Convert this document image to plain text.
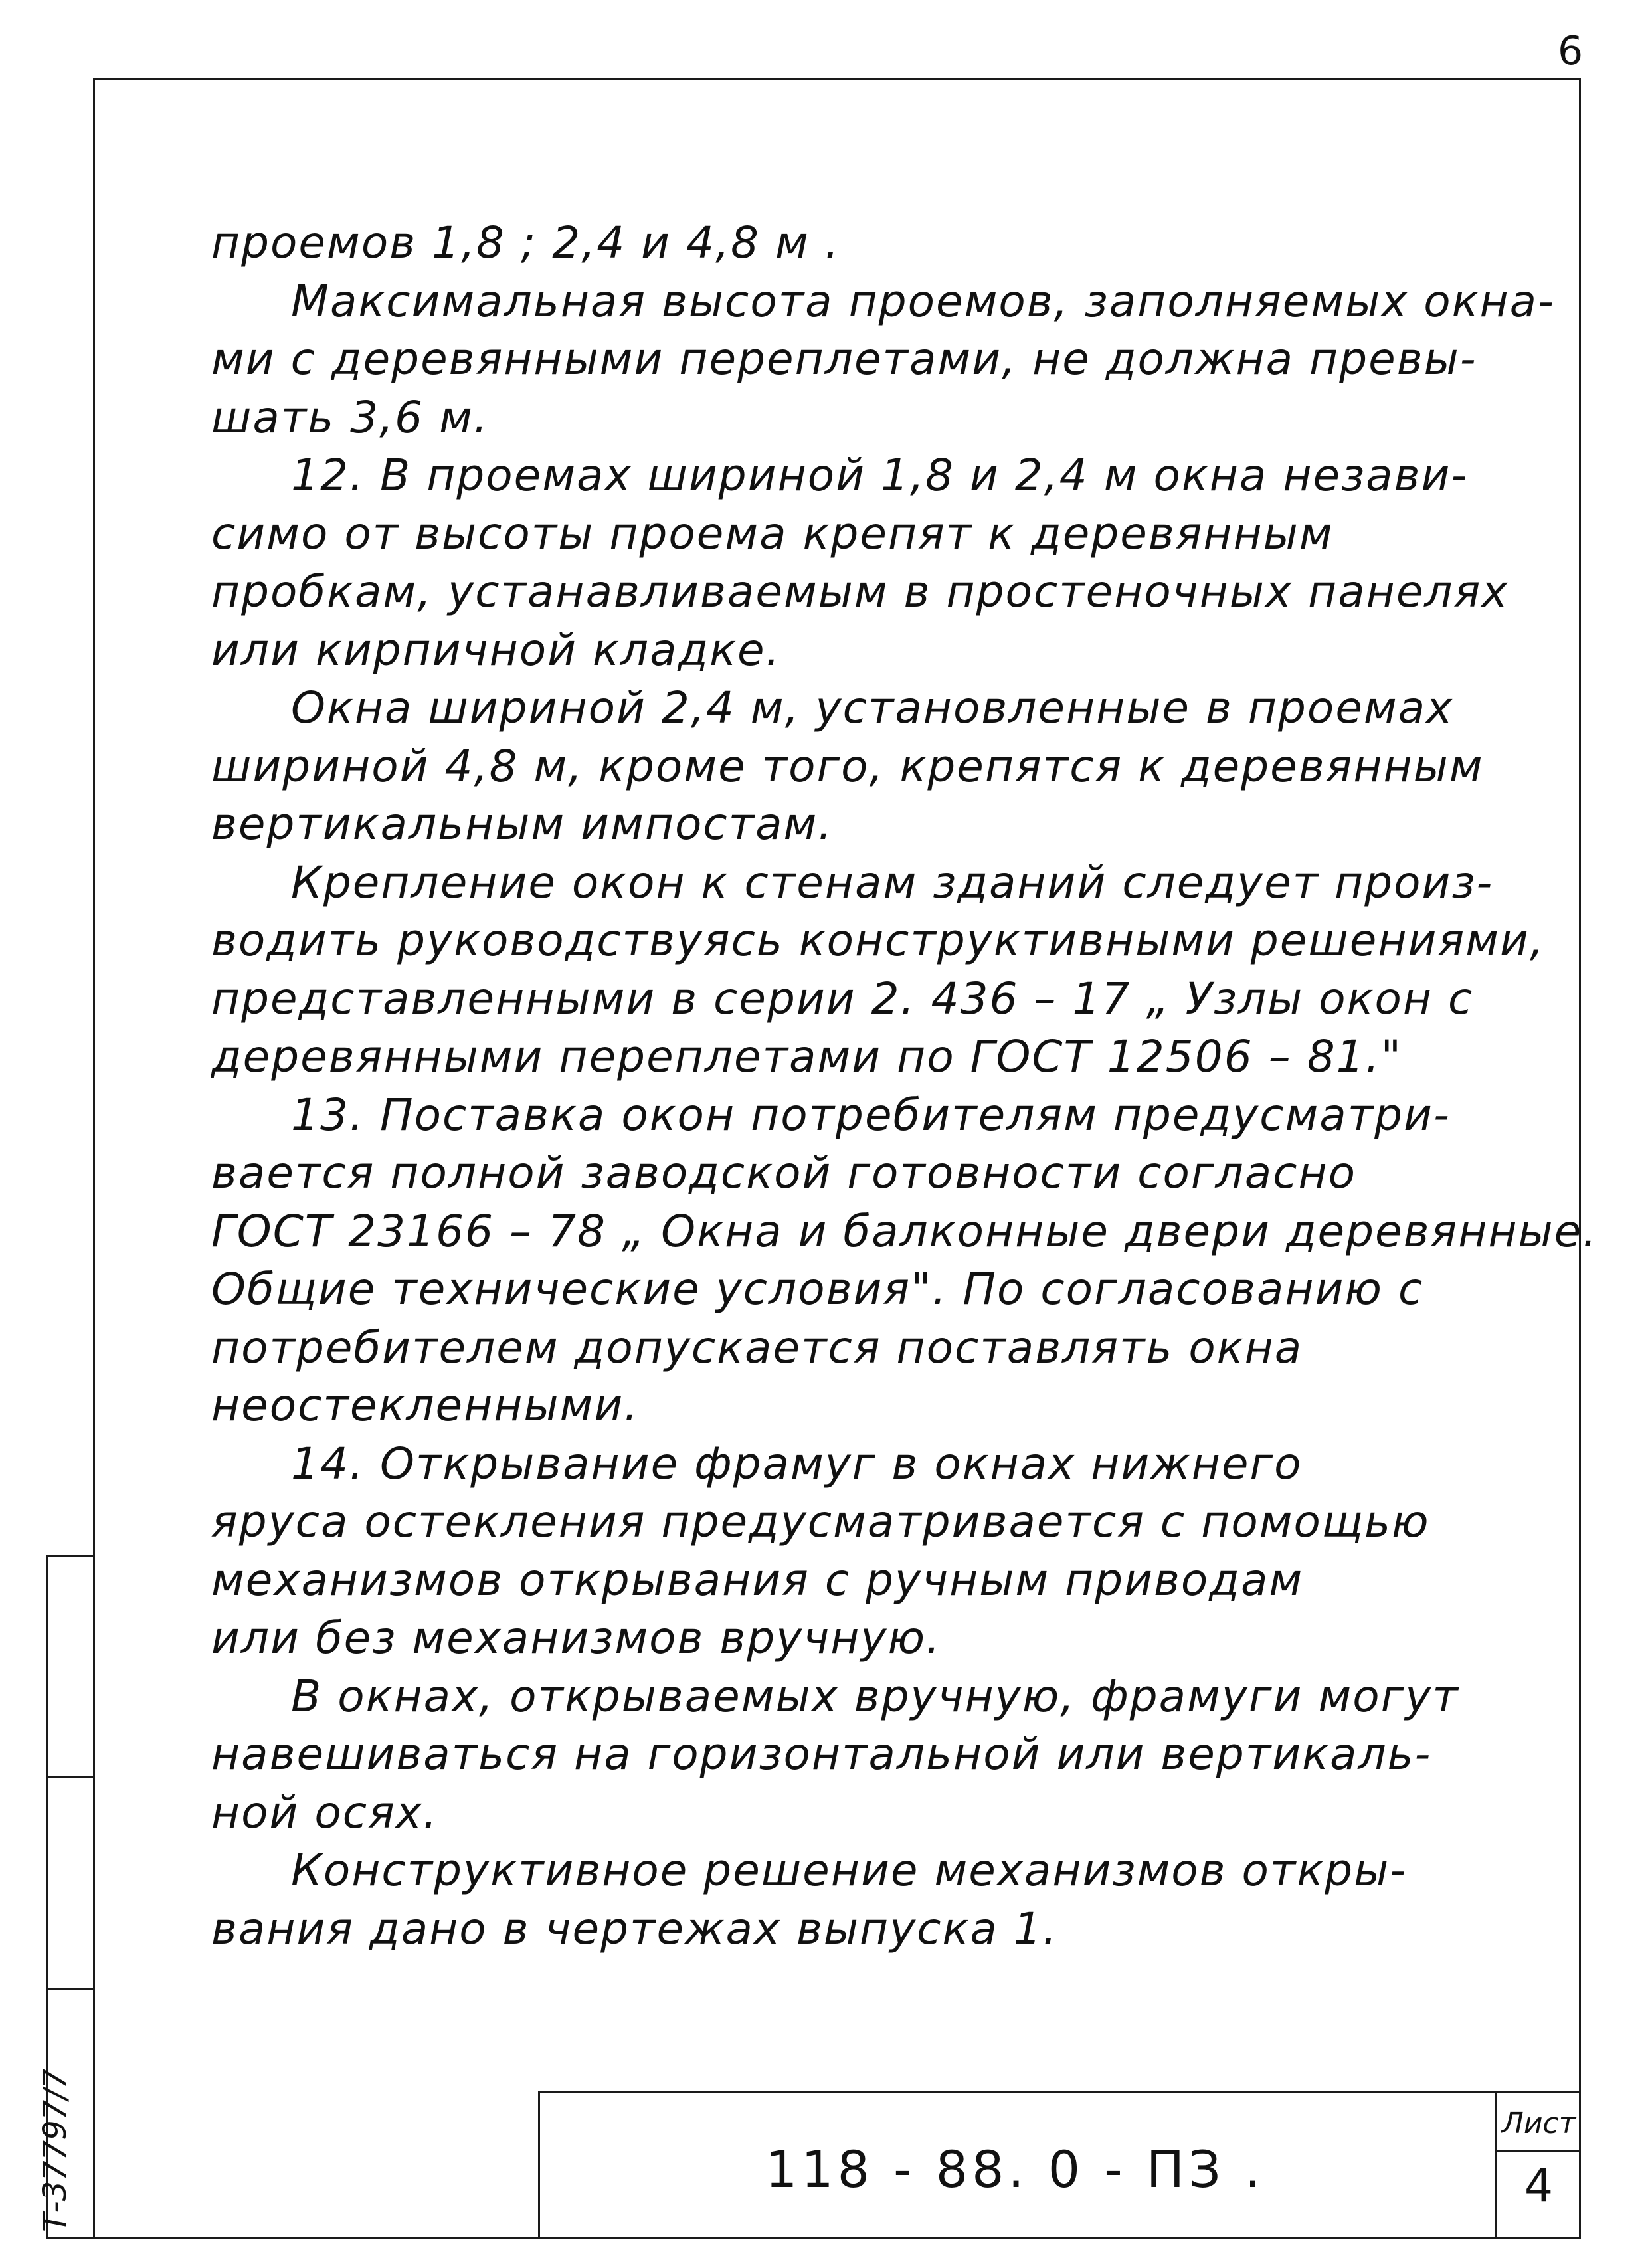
6
Т-37797/7
проемов 1,8 ; 2,4 и 4,8 м .
Максимальная высота проемов, заполняемых окна-
ми с деревянными переплетами, не должна превы-
шать 3,6 м.
12. В проемах шириной 1,8 и 2,4 м окна незави-
симо от высоты проема крепят к деревянным
пробкам, устанавливаемым в простеночных панелях
или кирпичной кладке.
Окна шириной 2,4 м, установленные в проемах
шириной 4,8 м, кроме того, крепятся к деревянным
вертикальным импостам.
Крепление окон к стенам зданий следует произ-
водить руководствуясь конструктивными решениями,
представленными в серии 2. 436 – 17 „ Узлы окон с
деревянными переплетами по ГОСТ 12506 – 81."
13. Поставка окон потребителям предусматри-
вается полной заводской готовности согласно
ГОСТ 23166 – 78 „ Окна и балконные двери деревянные.
Общие технические условия". По согласованию с
потребителем допускается поставлять окна
неостекленными.
14. Открывание фрамуг в окнах нижнего
яруса остекления предусматривается с помощью
механизмов открывания с ручным приводам
или без механизмов вручную.
В окнах, открываемых вручную, фрамуги могут
навешиваться на горизонтальной или вертикаль-
ной осях.
Конструктивное решение механизмов откры-
вания дано в чертежах выпуска 1.
118 - 88. 0 - ПЗ .
Лист
4
